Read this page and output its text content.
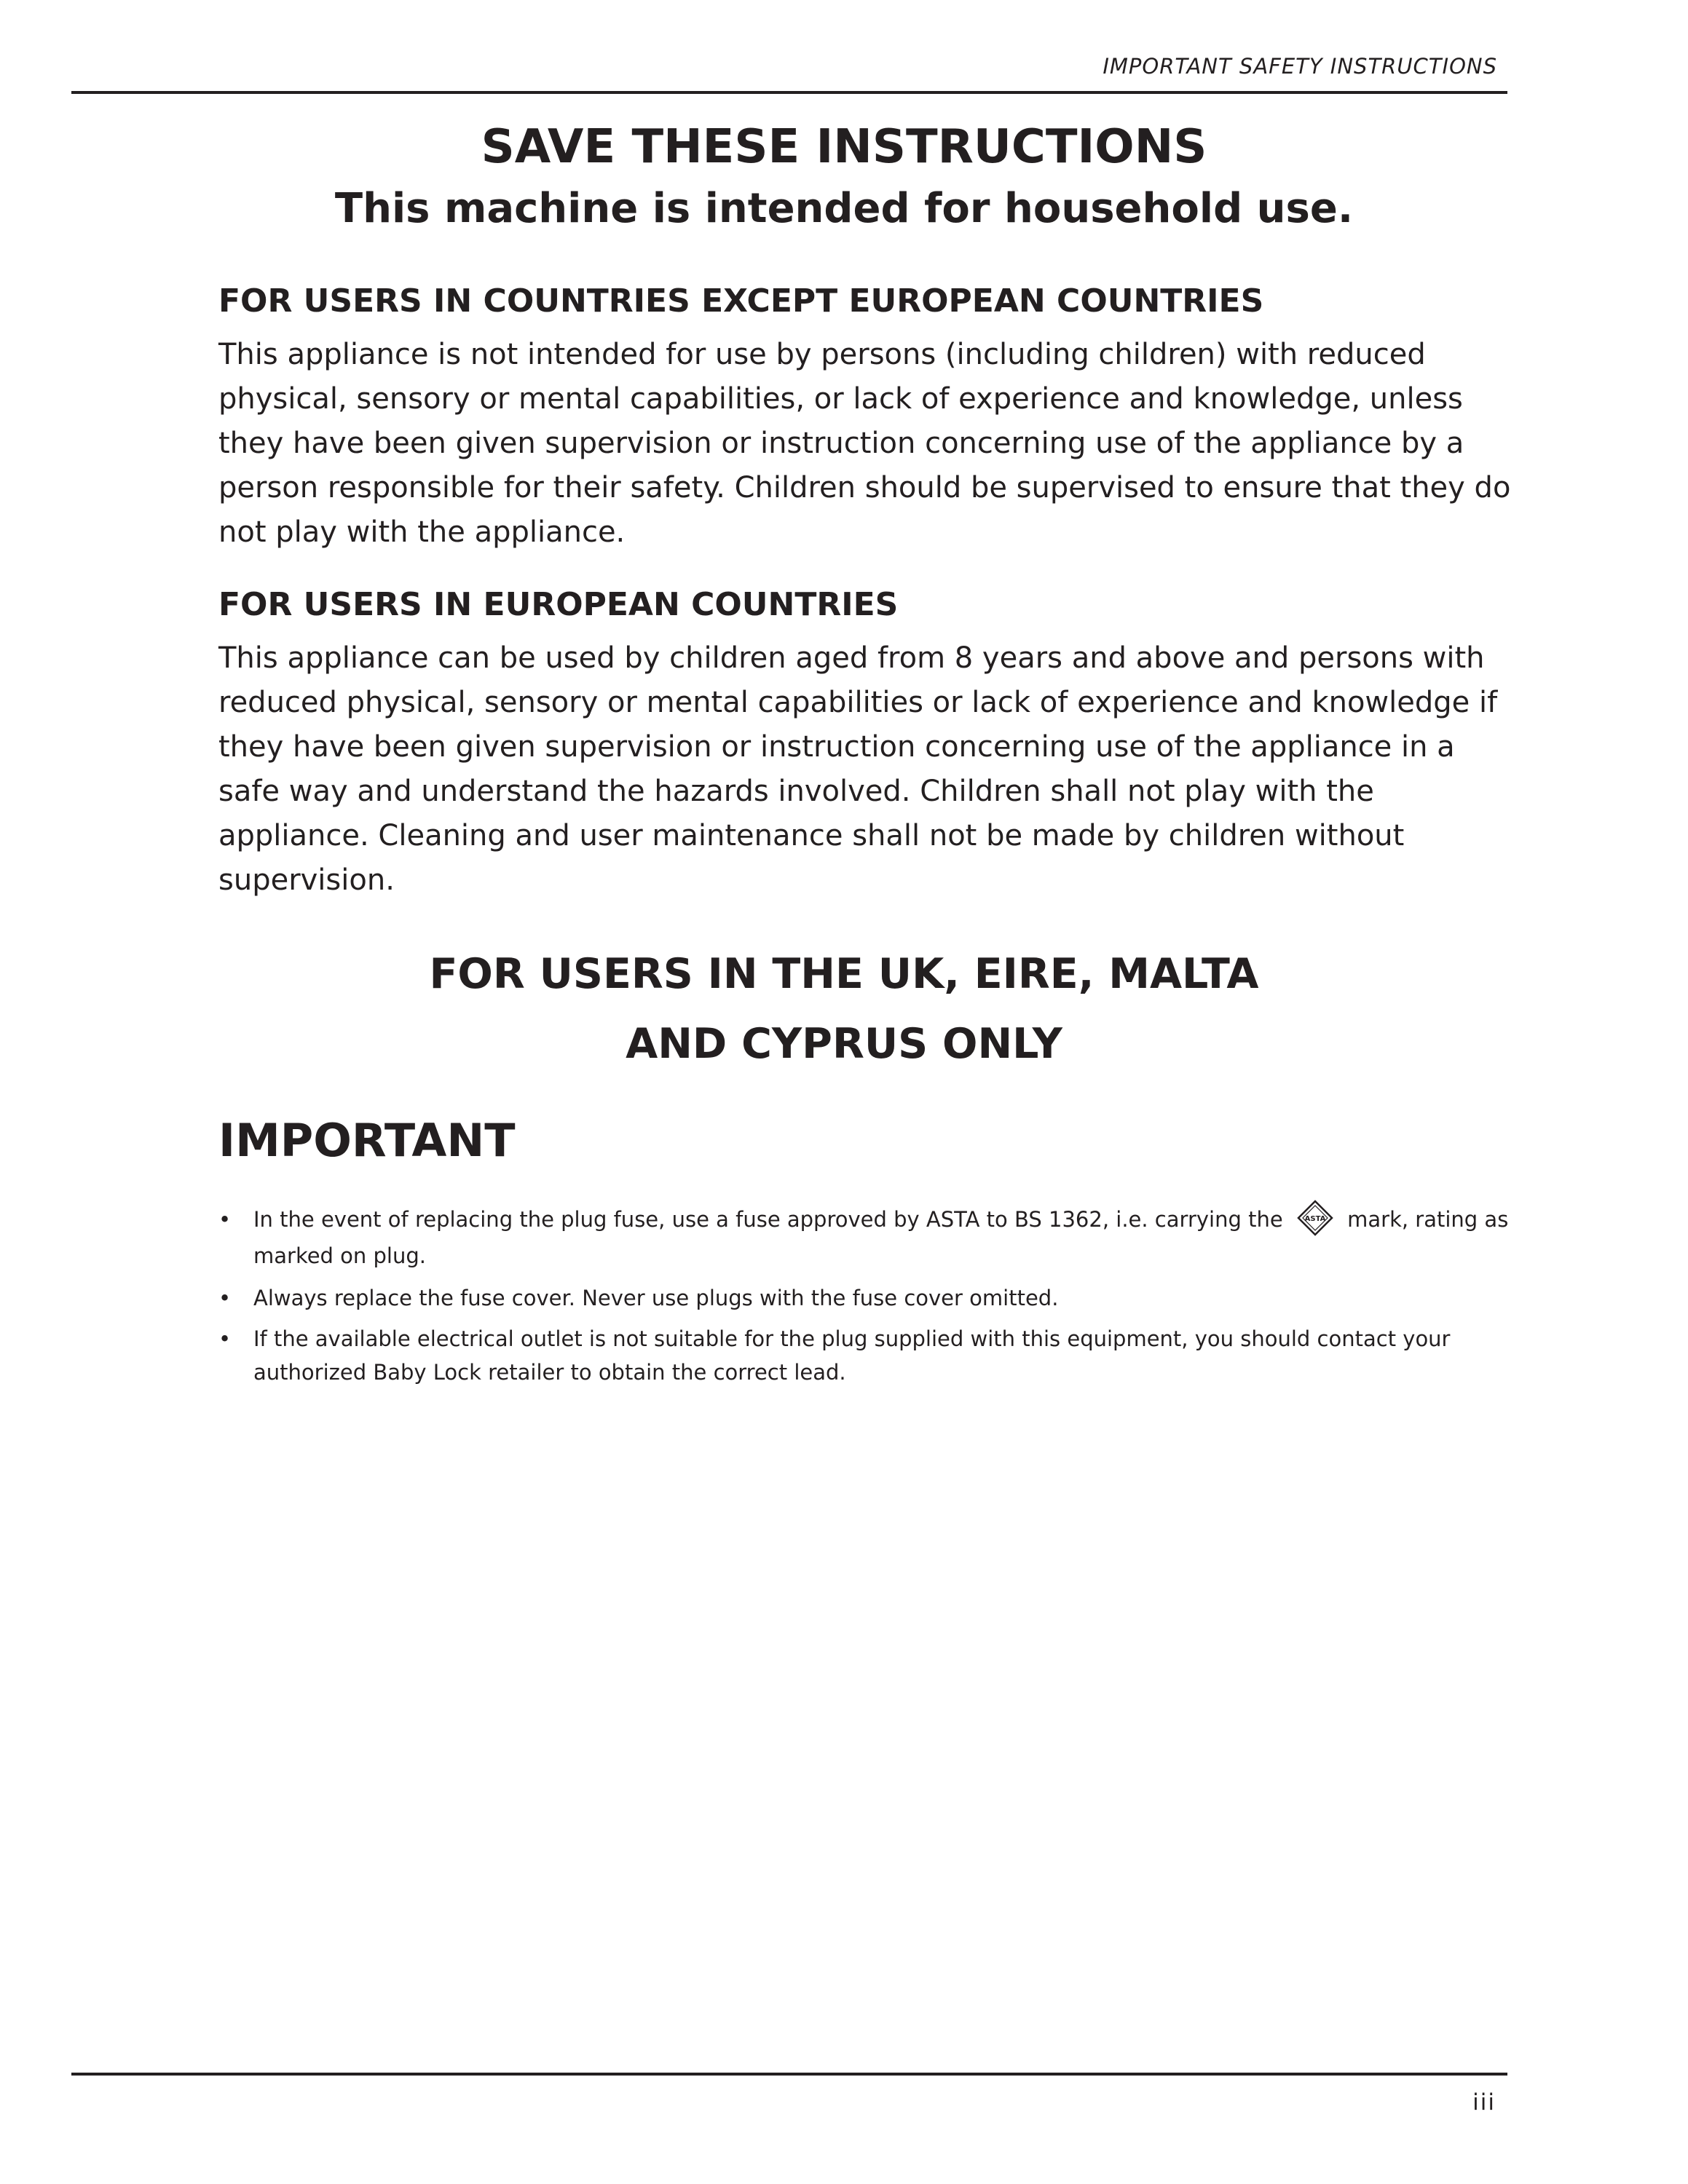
IMPORTANT SAFETY INSTRUCTIONS
SAVE THESE INSTRUCTIONS
This machine is intended for household use.
FOR USERS IN COUNTRIES EXCEPT EUROPEAN COUNTRIES
This appliance is not intended for use by persons (including children) with reduced physical, sensory or mental capabilities, or lack of experience and knowledge, unless they have been given supervision or instruction concerning use of the appliance by a person responsible for their safety. Children should be supervised to ensure that they do not play with the appliance.
FOR USERS IN EUROPEAN COUNTRIES
This appliance can be used by children aged from 8 years and above and persons with reduced physical, sensory or mental capabilities or lack of experience and knowledge if they have been given supervision or instruction concerning use of the appliance in a safe way and understand the hazards involved. Children shall not play with the appliance. Cleaning and user maintenance shall not be made by children without supervision.
FOR USERS IN THE UK, EIRE, MALTA
AND CYPRUS ONLY
IMPORTANT
• In the event of replacing the plug fuse, use a fuse approved by ASTA to BS 1362, i.e. carrying the	ASTA mark, rating as marked on plug.
• Always replace the fuse cover. Never use plugs with the fuse cover omitted.
• If the available electrical outlet is not suitable for the plug supplied with this equipment, you should contact your authorized Baby Lock retailer to obtain the correct lead.
iii
